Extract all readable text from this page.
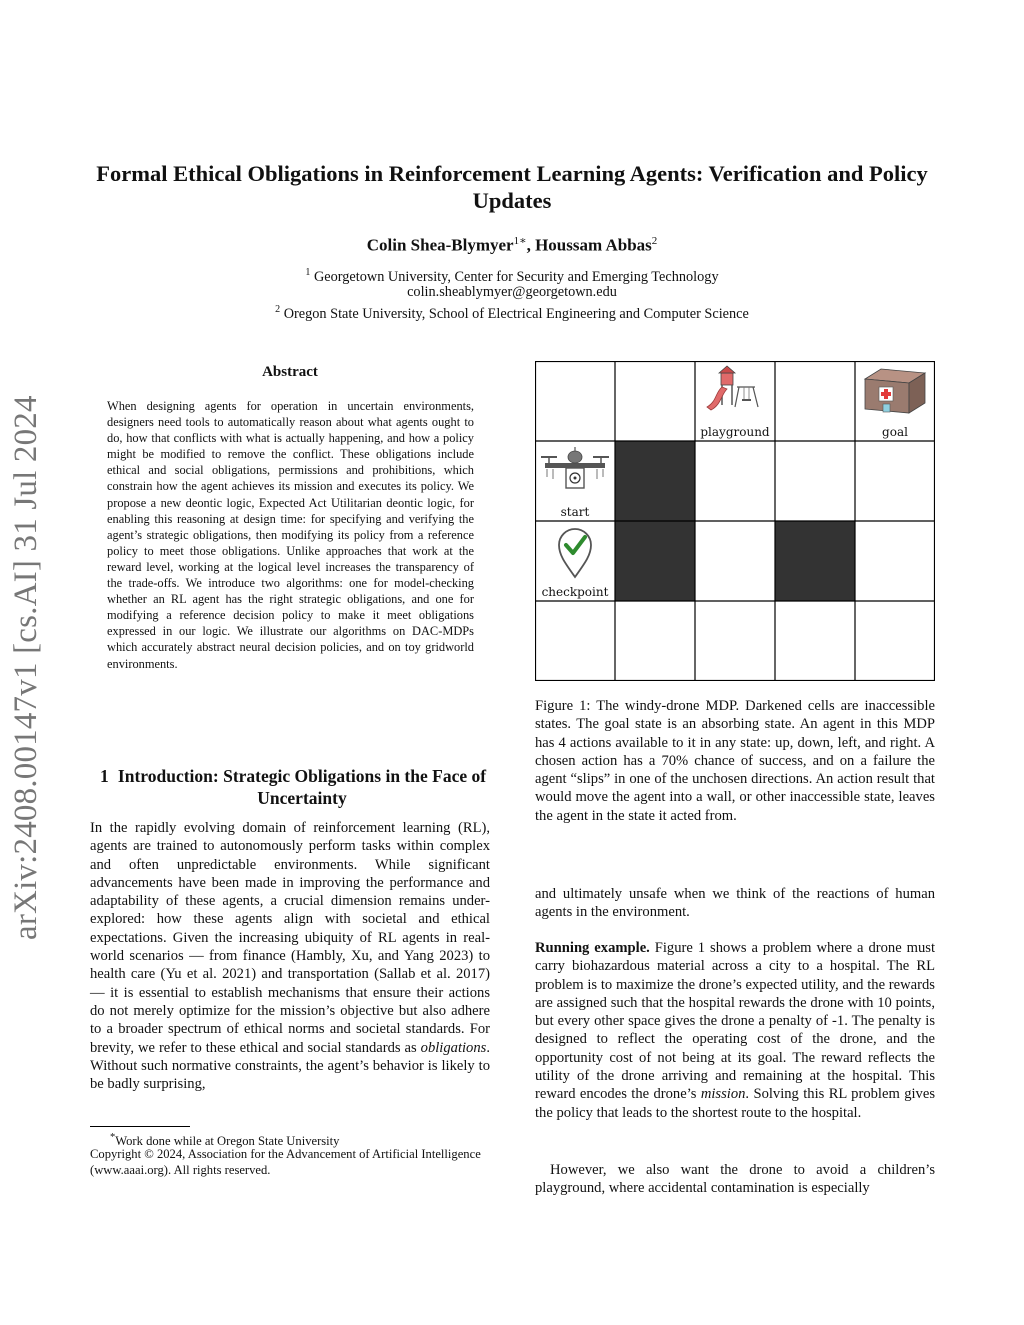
arXiv:2408.00147v1 [cs.AI] 31 Jul 2024
Formal Ethical Obligations in Reinforcement Learning Agents: Verification and Policy Updates
Colin Shea-Blymyer$^{1∗}$, Houssam Abbas$^2$
$^1$ Georgetown University, Center for Security and Emerging Technology
colin.sheablymyer@georgetown.edu
$^2$ Oregon State University, School of Electrical Engineering and Computer Science
Abstract
When designing agents for operation in uncertain environments, designers need tools to automatically reason about what agents ought to do, how that conflicts with what is actually happening, and how a policy might be modified to remove the conflict. These obligations include ethical and social obligations, permissions and prohibitions, which constrain how the agent achieves its mission and executes its policy. We propose a new deontic logic, Expected Act Utilitarian deontic logic, for enabling this reasoning at design time: for specifying and verifying the agent’s strategic obligations, then modifying its policy from a reference policy to meet those obligations. Unlike approaches that work at the reward level, working at the logical level increases the transparency of the trade-offs. We introduce two algorithms: one for model-checking whether an RL agent has the right strategic obligations, and one for modifying a reference decision policy to make it meet obligations expressed in our logic. We illustrate our algorithms on DAC-MDPs which accurately abstract neural decision policies, and on toy gridworld environments.
1 Introduction: Strategic Obligations in the Face of Uncertainty
In the rapidly evolving domain of reinforcement learning (RL), agents are trained to autonomously perform tasks within complex and often unpredictable environments. While significant advancements have been made in improving the performance and adaptability of these agents, a crucial dimension remains under-explored: how these agents align with societal and ethical expectations. Given the increasing ubiquity of RL agents in real-world scenarios — from finance (Hambly, Xu, and Yang 2023) to health care (Yu et al. 2021) and transportation (Sallab et al. 2017) — it is essential to establish mechanisms that ensure their actions do not merely optimize for the mission’s objective but also adhere to a broader spectrum of ethical norms and societal standards. For brevity, we refer to these ethical and social standards as obligations. Without such normative constraints, the agent’s behavior is likely to be badly surprising,
*Work done while at Oregon State University
Copyright © 2024, Association for the Advancement of Artificial Intelligence (www.aaai.org). All rights reserved.
playground	goal
start
checkpoint
Figure 1: The windy-drone MDP. Darkened cells are inaccessible states. The goal state is an absorbing state. An agent in this MDP has 4 actions available to it in any state: up, down, left, and right. A chosen action has a 70% chance of success, and on a failure the agent “slips” in one of the unchosen directions. An action result that would move the agent into a wall, or other inaccessible state, leaves the agent in the state it acted from.
and ultimately unsafe when we think of the reactions of human agents in the environment.
Running example. Figure 1 shows a problem where a drone must carry biohazardous material across a city to a hospital. The RL problem is to maximize the drone’s expected utility, and the rewards are assigned such that the hospital rewards the drone with 10 points, but every other space gives the drone a penalty of -1. The penalty is designed to reflect the operating cost of the drone, and the opportunity cost of not being at its goal. The reward reflects the utility of the drone arriving and remaining at the hospital. This reward encodes the drone’s mission. Solving this RL problem gives the policy that leads to the shortest route to the hospital.
However, we also want the drone to avoid a children’s playground, where accidental contamination is especially
